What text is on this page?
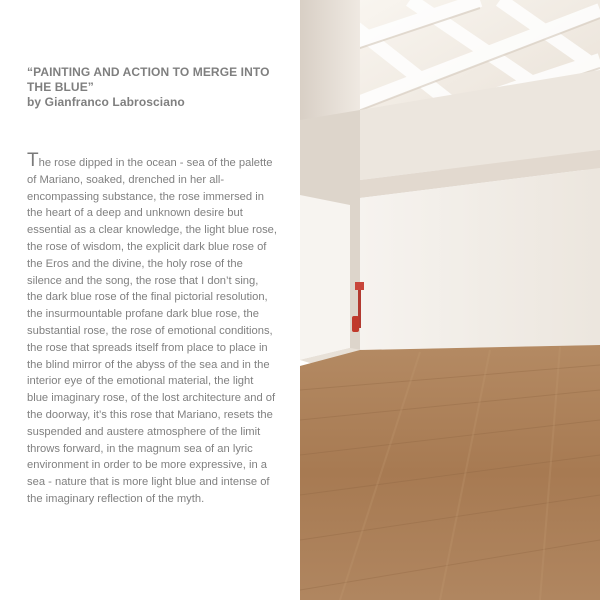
“PAINTING AND ACTION TO MERGE INTO
THE BLUE”
by Gianfranco Labrosciano

The rose dipped in the ocean - sea of the palette of Mariano, soaked, drenched in her all-encompassing substance, the rose immersed in the heart of a deep and unknown desire but essential as a clear knowledge, the light blue rose, the rose of wisdom, the explicit dark blue rose of the Eros and the divine, the holy rose of the silence and the song, the rose that I don’t sing, the dark blue rose of the final pictorial resolution, the insurmountable profane dark blue rose, the substantial rose, the rose of emotional conditions, the rose that spreads itself from place to place in the blind mirror of the abyss of the sea and in the interior eye of the emotional material, the light blue imaginary rose, of the lost architecture and of the doorway, it’s this rose that Mariano, resets the suspended and austere atmosphere of the limit throws forward, in the magnum sea of an lyric environment in order to be more expressive, in a sea - nature that is more light blue and intense of the imaginary reflection of the myth.
